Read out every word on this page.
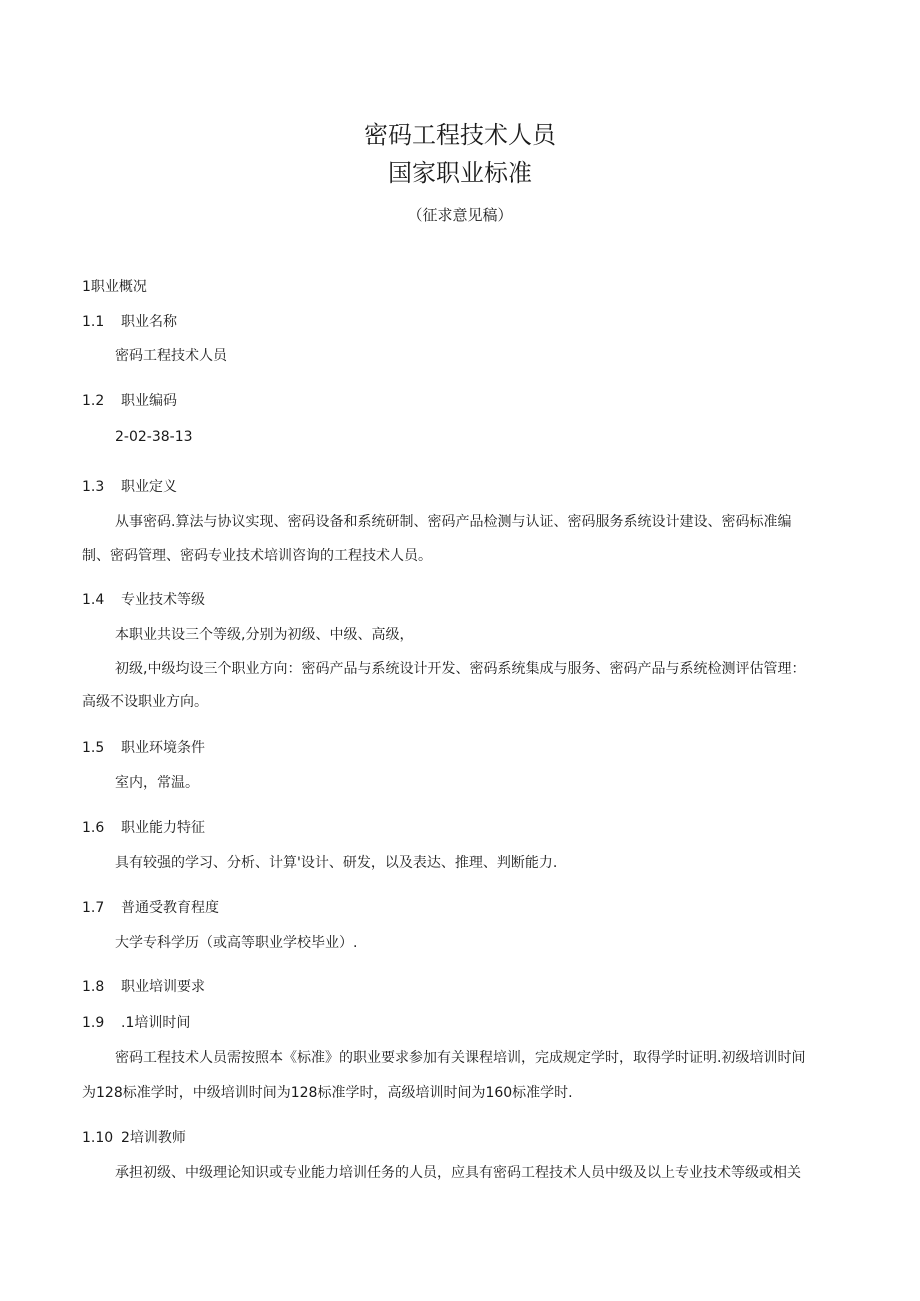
密码工程技术人员
国家职业标准
（征求意见稿）
1职业概况
1.1 职业名称
密码工程技术人员
1.2 职业编码
2-02-38-13
1.3 职业定义
从事密码.算法与协议实现、密码设备和系统研制、密码产品检测与认证、密码服务系统设计建设、密码标准编
制、密码管理、密码专业技术培训咨询的工程技术人员。
1.4 专业技术等级
本职业共设三个等级,分别为初级、中级、高级，
初级,中级均设三个职业方向：密码产品与系统设计开发、密码系统集成与服务、密码产品与系统检测评估管理：
高级不设职业方向。
1.5 职业环境条件
室内，常温。
1.6 职业能力特征
具有较强的学习、分析、计算'设计、研发，以及表达、推理、判断能力.
1.7 普通受教育程度
大学专科学历（或高等职业学校毕业）.
1.8 职业培训要求
1.9 .1培训时间
密码工程技术人员需按照本《标准》的职业要求参加有关课程培训，完成规定学时，取得学时证明.初级培训时间
为128标准学时，中级培训时间为128标准学时，高级培训时间为160标准学时.
1.10 2培训教师
承担初级、中级理论知识或专业能力培训任务的人员，应具有密码工程技术人员中级及以上专业技术等级或相关
